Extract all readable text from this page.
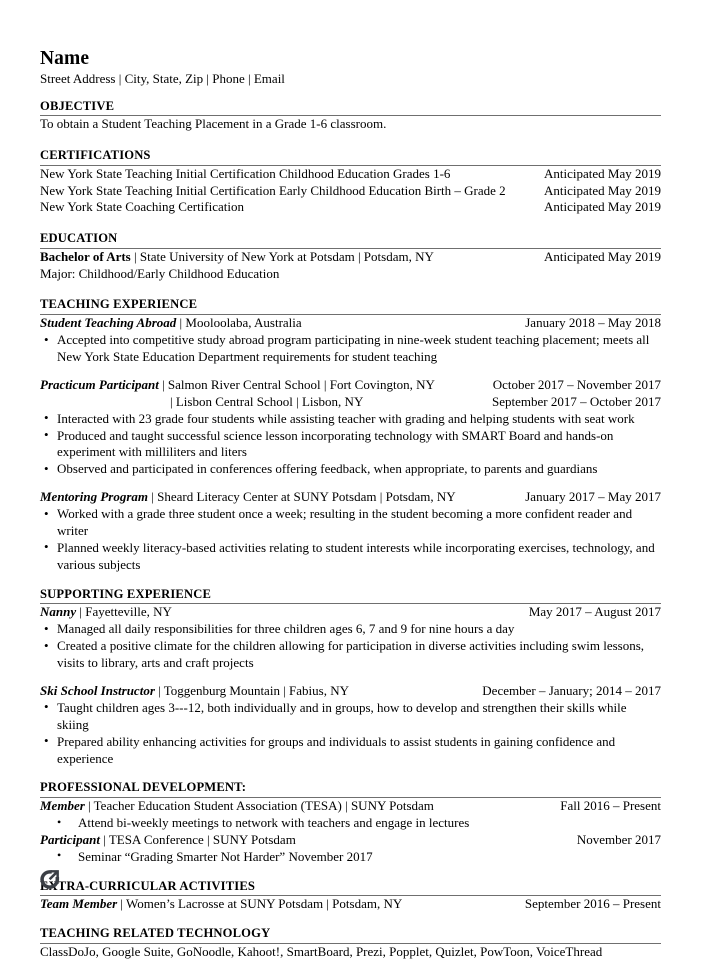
Name
Street Address | City, State, Zip | Phone | Email
OBJECTIVE
To obtain a Student Teaching Placement in a Grade 1-6 classroom.
CERTIFICATIONS
New York State Teaching Initial Certification Childhood Education Grades 1-6	Anticipated May 2019
New York State Teaching Initial Certification Early Childhood Education Birth – Grade 2	Anticipated May 2019
New York State Coaching Certification	Anticipated May 2019
EDUCATION
Bachelor of Arts | State University of New York at Potsdam | Potsdam, NY	Anticipated May 2019
Major: Childhood/Early Childhood Education
TEACHING EXPERIENCE
Student Teaching Abroad | Mooloolaba, Australia	January 2018 – May 2018
• Accepted into competitive study abroad program participating in nine-week student teaching placement; meets all New York State Education Department requirements for student teaching
Practicum Participant | Salmon River Central School | Fort Covington, NY	October 2017 – November 2017
| Lisbon Central School | Lisbon, NY	September 2017 – October 2017
• Interacted with 23 grade four students while assisting teacher with grading and helping students with seat work
• Produced and taught successful science lesson incorporating technology with SMART Board and hands-on experiment with milliliters and liters
• Observed and participated in conferences offering feedback, when appropriate, to parents and guardians
Mentoring Program | Sheard Literacy Center at SUNY Potsdam | Potsdam, NY	January 2017 – May 2017
• Worked with a grade three student once a week; resulting in the student becoming a more confident reader and writer
• Planned weekly literacy-based activities relating to student interests while incorporating exercises, technology, and various subjects
SUPPORTING EXPERIENCE
Nanny | Fayetteville, NY	May 2017 – August 2017
• Managed all daily responsibilities for three children ages 6, 7 and 9 for nine hours a day
• Created a positive climate for the children allowing for participation in diverse activities including swim lessons, visits to library, arts and craft projects
Ski School Instructor | Toggenburg Mountain | Fabius, NY	December – January; 2014 – 2017
• Taught children ages 3---12, both individually and in groups, how to develop and strengthen their skills while skiing
• Prepared ability enhancing activities for groups and individuals to assist students in gaining confidence and experience
PROFESSIONAL DEVELOPMENT:
Member | Teacher Education Student Association (TESA) | SUNY Potsdam	Fall 2016 – Present
• Attend bi-weekly meetings to network with teachers and engage in lectures
Participant | TESA Conference | SUNY Potsdam	November 2017
• Seminar “Grading Smarter Not Harder” November 2017
EXTRA-CURRICULAR ACTIVITIES
Team Member | Women’s Lacrosse at SUNY Potsdam | Potsdam, NY	September 2016 – Present
TEACHING RELATED TECHNOLOGY
ClassDoJo, Google Suite, GoNoodle, Kahoot!, SmartBoard, Prezi, Popplet, Quizlet, PowToon, VoiceThread
